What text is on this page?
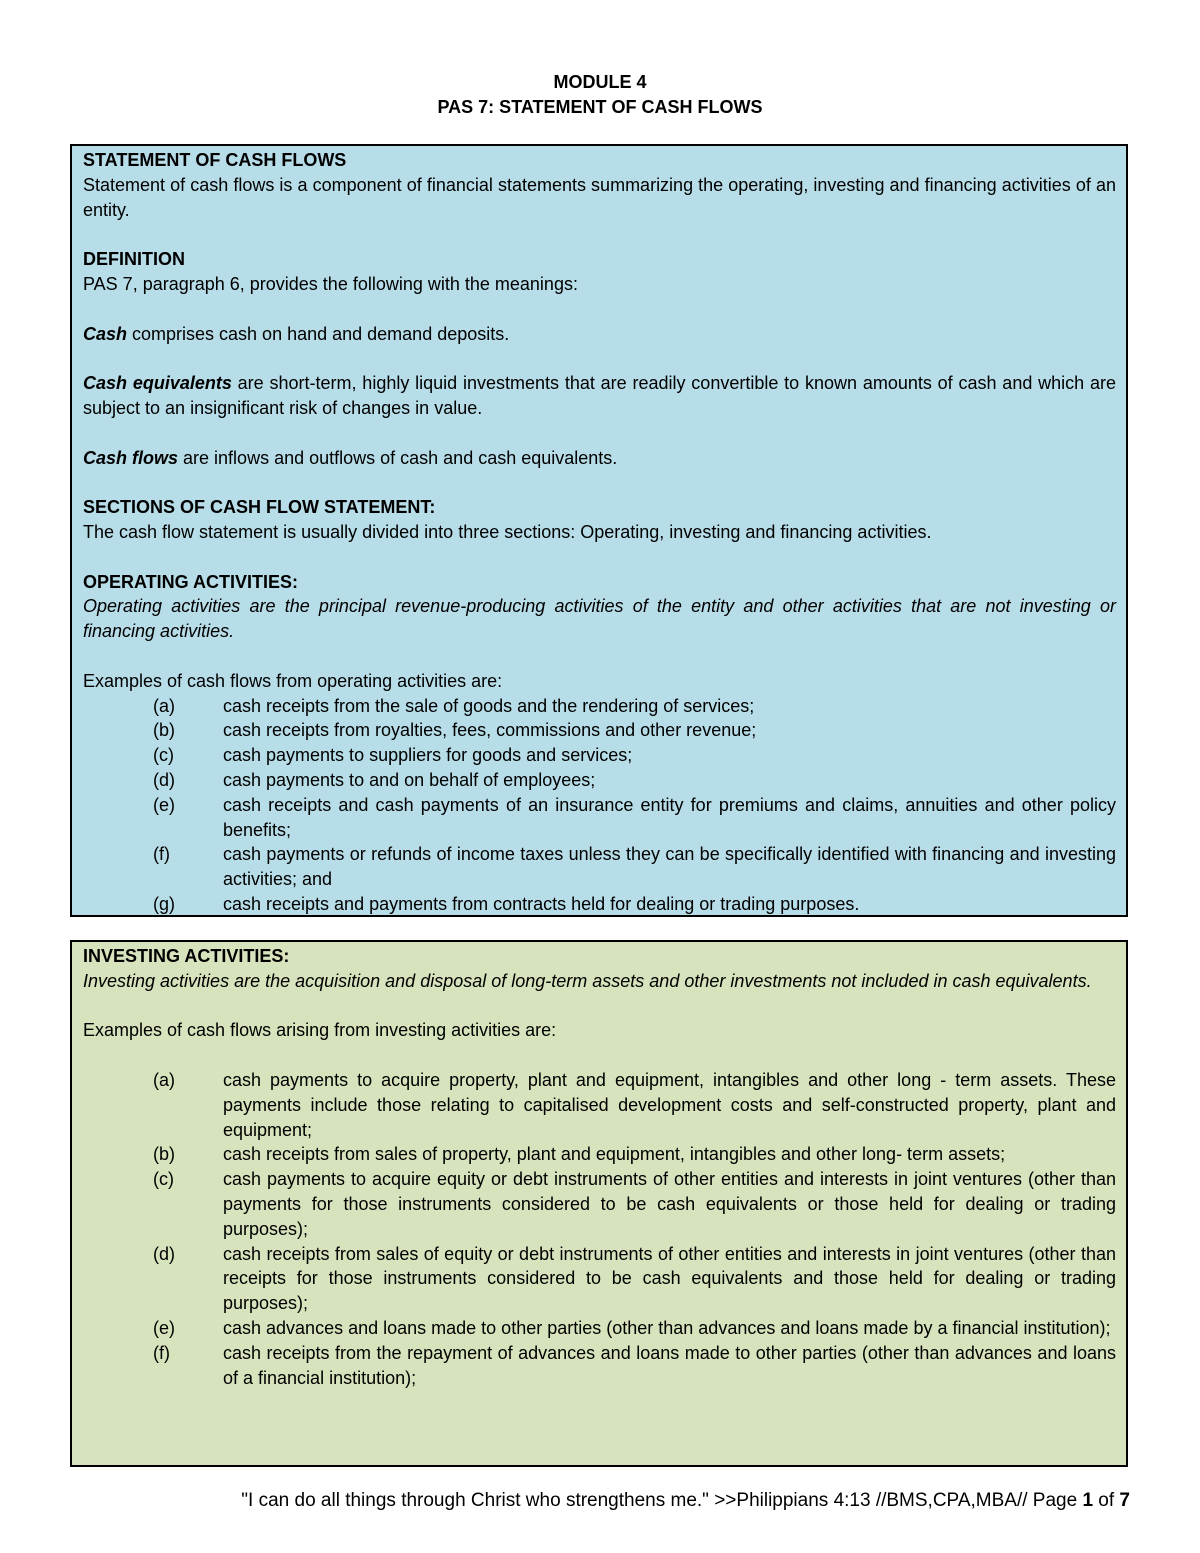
MODULE 4
PAS 7: STATEMENT OF CASH FLOWS
STATEMENT OF CASH FLOWS
Statement of cash flows is a component of financial statements summarizing the operating, investing and financing activities of an entity.
DEFINITION
PAS 7, paragraph 6, provides the following with the meanings:
Cash comprises cash on hand and demand deposits.
Cash equivalents are short-term, highly liquid investments that are readily convertible to known amounts of cash and which are subject to an insignificant risk of changes in value.
Cash flows are inflows and outflows of cash and cash equivalents.
SECTIONS OF CASH FLOW STATEMENT:
The cash flow statement is usually divided into three sections: Operating, investing and financing activities.
OPERATING ACTIVITIES:
Operating activities are the principal revenue-producing activities of the entity and other activities that are not investing or financing activities.
Examples of cash flows from operating activities are:
(a)	cash receipts from the sale of goods and the rendering of services;
(b)	cash receipts from royalties, fees, commissions and other revenue;
(c)	cash payments to suppliers for goods and services;
(d)	cash payments to and on behalf of employees;
(e)	cash receipts and cash payments of an insurance entity for premiums and claims, annuities and other policy benefits;
(f)	cash payments or refunds of income taxes unless they can be specifically identified with financing and investing activities; and
(g)	cash receipts and payments from contracts held for dealing or trading purposes.
INVESTING ACTIVITIES:
Investing activities are the acquisition and disposal of long-term assets and other investments not included in cash equivalents.
Examples of cash flows arising from investing activities are:
(a)	cash payments to acquire property, plant and equipment, intangibles and other long - term assets. These payments include those relating to capitalised development costs and self-constructed property, plant and equipment;
(b)	cash receipts from sales of property, plant and equipment, intangibles and other long- term assets;
(c)	cash payments to acquire equity or debt instruments of other entities and interests in joint ventures (other than payments for those instruments considered to be cash equivalents or those held for dealing or trading purposes);
(d)	cash receipts from sales of equity or debt instruments of other entities and interests in joint ventures (other than receipts for those instruments considered to be cash equivalents and those held for dealing or trading purposes);
(e)	cash advances and loans made to other parties (other than advances and loans made by a financial institution);
(f)	cash receipts from the repayment of advances and loans made to other parties (other than advances and loans of a financial institution);
"I can do all things through Christ who strengthens me." >>Philippians 4:13 //BMS,CPA,MBA// Page 1 of 7
